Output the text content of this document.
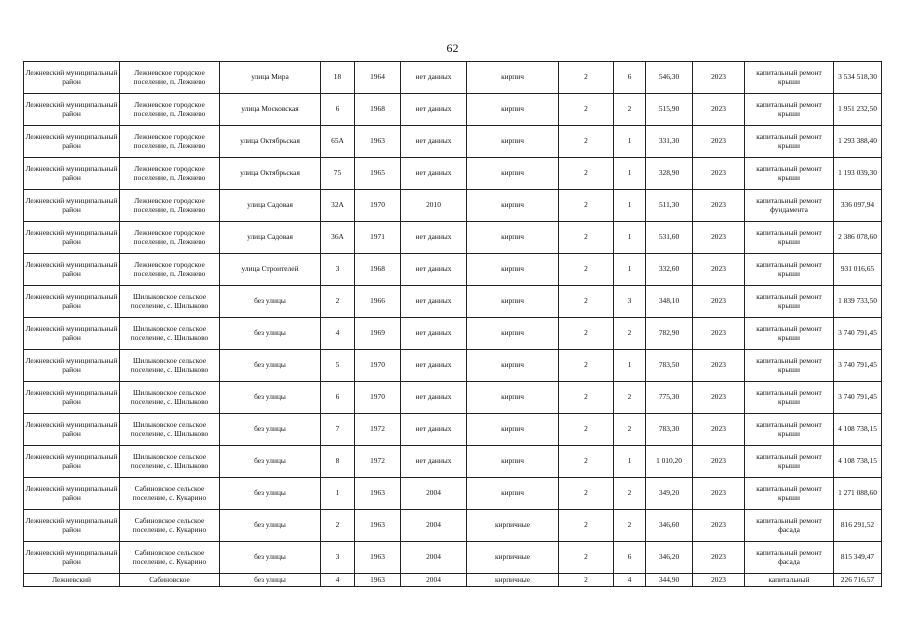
62
Лежневский муниципальный район	Лежневское городское поселение, п. Лежнево	улица Мира	18	1964	нет данных	кирпич	2	6	546,30	2023	капитальный ремонт крыши	3 534 518,30
Лежневский муниципальный район	Лежневское городское поселение, п. Лежнево	улица Московская	6	1968	нет данных	кирпич	2	2	515,90	2023	капитальный ремонт крыши	1 951 232,50
Лежневский муниципальный район	Лежневское городское поселение, п. Лежнево	улица Октябрьская	65А	1963	нет данных	кирпич	2	1	331,30	2023	капитальный ремонт крыши	1 293 388,40
Лежневский муниципальный район	Лежневское городское поселение, п. Лежнево	улица Октябрьская	75	1965	нет данных	кирпич	2	1	328,90	2023	капитальный ремонт крыши	1 193 039,30
Лежневский муниципальный район	Лежневское городское поселение, п. Лежнево	улица Садовая	32А	1970	2010	кирпич	2	1	511,30	2023	капитальный ремонт фундамента	336 097,94
Лежневский муниципальный район	Лежневское городское поселение, п. Лежнево	улица Садовая	36А	1971	нет данных	кирпич	2	1	531,60	2023	капитальный ремонт крыши	2 386 078,60
Лежневский муниципальный район	Лежневское городское поселение, п. Лежнево	улица Строителей	3	1968	нет данных	кирпич	2	1	332,60	2023	капитальный ремонт крыши	931 016,65
Лежневский муниципальный район	Шилыковское сельское поселение, с. Шилыково	без улицы	2	1966	нет данных	кирпич	2	3	348,10	2023	капитальный ремонт крыши	1 839 733,50
Лежневский муниципальный район	Шилыковское сельское поселение, с. Шилыково	без улицы	4	1969	нет данных	кирпич	2	2	782,90	2023	капитальный ремонт крыши	3 740 791,45
Лежневский муниципальный район	Шилыковское сельское поселение, с. Шилыково	без улицы	5	1970	нет данных	кирпич	2	1	783,50	2023	капитальный ремонт крыши	3 740 791,45
Лежневский муниципальный район	Шилыковское сельское поселение, с. Шилыково	без улицы	6	1970	нет данных	кирпич	2	2	775,30	2023	капитальный ремонт крыши	3 740 791,45
Лежневский муниципальный район	Шилыковское сельское поселение, с. Шилыково	без улицы	7	1972	нет данных	кирпич	2	2	783,30	2023	капитальный ремонт крыши	4 108 738,15
Лежневский муниципальный район	Шилыковское сельское поселение, с. Шилыково	без улицы	8	1972	нет данных	кирпич	2	1	1 010,20	2023	капитальный ремонт крыши	4 108 738,15
Лежневский муниципальный район	Сабиновское сельское поселение, с. Кукарино	без улицы	1	1963	2004	кирпич	2	2	349,20	2023	капитальный ремонт крыши	1 271 088,60
Лежневский муниципальный район	Сабиновское сельское поселение, с. Кукарино	без улицы	2	1963	2004	кирпичные	2	2	346,60	2023	капитальный ремонт фасада	816 291,52
Лежневский муниципальный район	Сабиновское сельское поселение, с. Кукарино	без улицы	3	1963	2004	кирпичные	2	6	346,20	2023	капитальный ремонт фасада	815 349,47
Лежневский	Сабиновское	без улицы	4	1963	2004	кирпичные	2	4	344,90	2023	капитальный	226 716,57
